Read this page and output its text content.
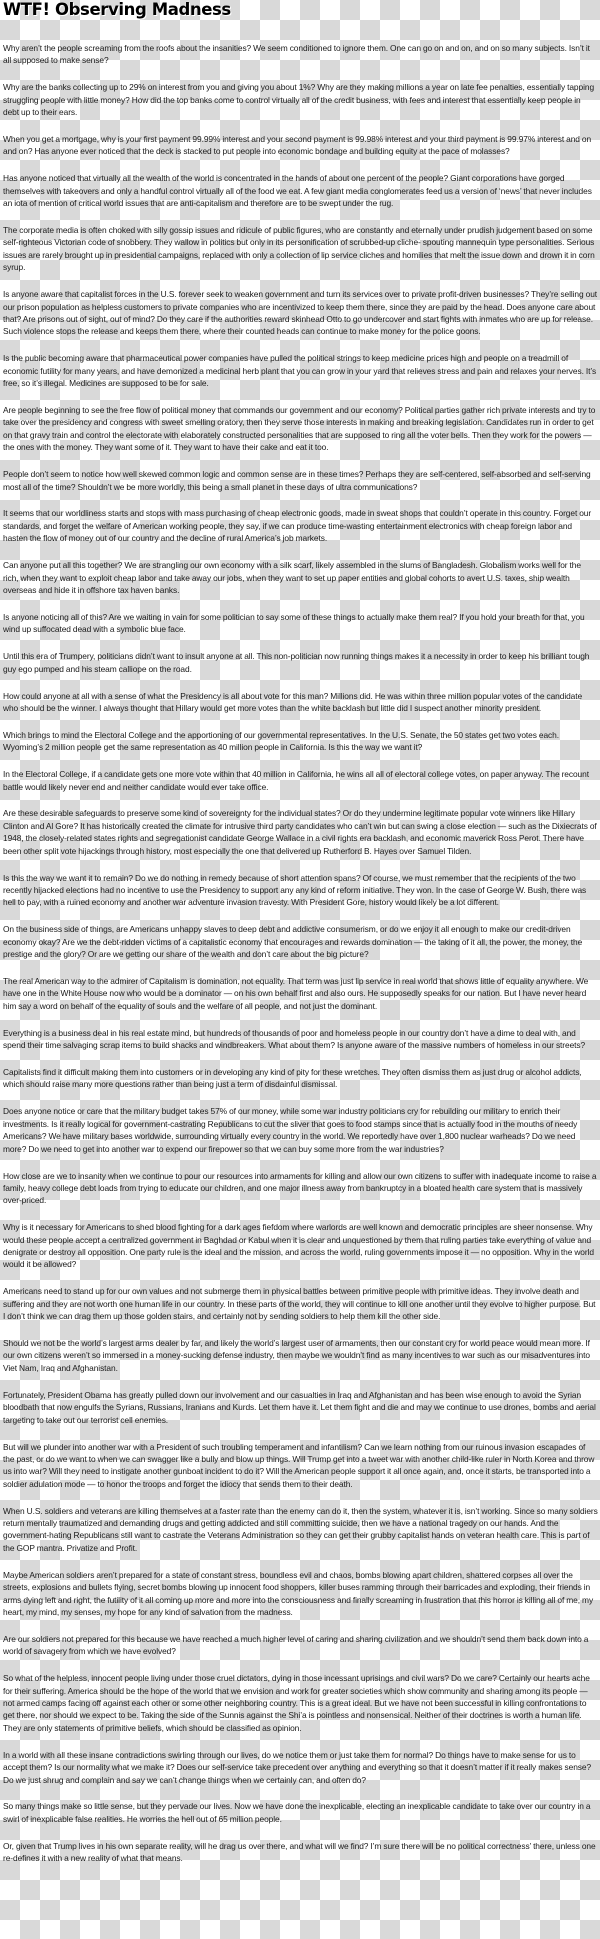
WTF! Observing Madness

Why aren’t the people screaming from the roofs about the insanities? We seem conditioned to ignore them. One can go on and on, and on so many subjects. Isn’t it all supposed to make sense?

Why are the banks collecting up to 29% on interest from you and giving you about 1%? Why are they making millions a year on late fee penalties, essentially tapping struggling people with little money? How did the top banks come to control virtually all of the credit business, with fees and interest that essentially keep people in debt up to their ears.

When you get a mortgage, why is your first payment 99.99% interest and your second payment is 99.98% interest and your third payment is 99.97% interest and on and on? Has anyone ever noticed that the deck is stacked to put people into economic bondage and building equity at the pace of molasses?

Has anyone noticed that virtually all the wealth of the world is concentrated in the hands of about one percent of the people? Giant corporations have gorged themselves with takeovers and only a handful control virtually all of the food we eat. A few giant media conglomerates feed us a version of ‘news’ that never includes an iota of mention of critical world issues that are anti-capitalism and therefore are to be swept under the rug.

The corporate media is often choked with silly gossip issues and ridicule of public figures, who are constantly and eternally under prudish judgement based on some self-righteous Victorian code of snobbery. They wallow in politics but only in its personification of scrubbed-up cliche- spouting mannequin type personalities. Serious issues are rarely brought up in presidential campaigns, replaced with only a collection of lip service cliches and homilies that melt the issue down and drown it in corn syrup.

Is anyone aware that capitalist forces in the U.S. forever seek to weaken government and turn its services over to private profit-driven businesses? They’re selling out our prison population as helpless customers to private companies who are incentivized to keep them there, since they are paid by the head. Does anyone care about that? Are prisons out of sight, out of mind? Do they care if the authorities reward skinhead Otto to go undercover and start fights with inmates who are up for release. Such violence stops the release and keeps them there, where their counted heads can continue to make money for the police goons.

Is the public becoming aware that pharmaceutical power companies have pulled the political strings to keep medicine prices high and people on a treadmill of economic futility for many years, and have demonized a medicinal herb plant that you can grow in your yard that relieves stress and pain and relaxes your nerves. It’s free, so it’s illegal. Medicines are supposed to be for sale.

Are people beginning to see the free flow of political money that commands our government and our economy? Political parties gather rich private interests and try to take over the presidency and congress with sweet smelling oratory, then they serve those interests in making and breaking legislation. Candidates run in order to get on that gravy train and control the electorate with elaborately constructed personalities that are supposed to ring all the voter bells. Then they work for the powers — the ones with the money. They want some of it. They want to have their cake and eat it too.

People don’t seem to notice how well skewed common logic and common sense are in these times? Perhaps they are self-centered, self-absorbed and self-serving most all of the time? Shouldn’t we be more worldly, this being a small planet in these days of ultra communications?

It seems that our worldliness starts and stops with mass purchasing of cheap electronic goods, made in sweat shops that couldn’t operate in this country. Forget our standards, and forget the welfare of American working people, they say, if we can produce time-wasting entertainment electronics with cheap foreign labor and hasten the flow of money out of our country and the decline of rural America’s job markets.

Can anyone put all this together? We are strangling our own economy with a silk scarf, likely assembled in the slums of Bangladesh. Globalism works well for the rich, when they want to exploit cheap labor and take away our jobs, when they want to set up paper entities and global cohorts to avert U.S. taxes, ship wealth overseas and hide it in offshore tax haven banks.

Is anyone noticing all of this? Are we waiting in vain for some politician to say some of these things to actually make them real? If you hold your breath for that, you wind up suffocated dead with a symbolic blue face.

Until this era of Trumpery, politicians didn’t want to insult anyone at all. This non-politician now running things makes it a necessity in order to keep his brilliant tough guy ego pumped and his steam calliope on the road.

How could anyone at all with a sense of what the Presidency is all about vote for this man? Millions did. He was within three million popular votes of the candidate who should be the winner. I always thought that Hillary would get more votes than the white backlash but little did I suspect another minority president.

Which brings to mind the Electoral College and the apportioning of our governmental representatives. In the U.S. Senate, the 50 states get two votes each. Wyoming’s 2 million people get the same representation as 40 million people in California. Is this the way we want it?

In the Electoral College, if a candidate gets one more vote within that 40 million in California, he wins all all of electoral college votes, on paper anyway. The recount battle would likely never end and neither candidate would ever take office.

Are these desirable safeguards to preserve some kind of sovereignty for the individual states? Or do they undermine legitimate popular vote winners like Hillary Clinton and Al Gore? It has historically created the climate for intrusive third party candidates who can’t win but can swing a close election — such as the Dixiecrats of 1948, the closely-related states rights and segregationist candidate George Wallace in a civil rights era backlash, and economic maverick Ross Perot. There have been other split vote hijackings through history, most especially the one that delivered up Rutherford B. Hayes over Samuel Tilden.

Is this the way we want it to remain? Do we do nothing in remedy because of short attention spans? Of course, we must remember that the recipients of the two recently hijacked elections had no incentive to use the Presidency to support any any kind of reform initiative. They won. In the case of George W. Bush, there was hell to pay, with a ruined economy and another war adventure invasion travesty. With President Gore, history would likely be a lot different.

On the business side of things, are Americans unhappy slaves to deep debt and addictive consumerism, or do we enjoy it all enough to make our credit-driven economy okay? Are we the debt-ridden victims of a capitalistic economy that encourages and rewards domination — the taking of it all, the power, the money, the prestige and the glory? Or are we getting our share of the wealth and don’t care about the big picture?

The real American way to the admirer of Capitalism is domination, not equality. That term was just lip service in real world that shows little of equality anywhere. We have one in the White House now who would be a dominator — on his own behalf first and also ours. He supposedly speaks for our nation. But I have never heard him say a word on behalf of the equality of souls and the welfare of all people, and not just the dominant.

Everything is a business deal in his real estate mind, but hundreds of thousands of poor and homeless people in our country don’t have a dime to deal with, and spend their time salvaging scrap items to build shacks and windbreakers. What about them? Is anyone aware of the massive numbers of homeless in our streets?

Capitalists find it difficult making them into customers or in developing any kind of pity for these wretches. They often dismiss them as just drug or alcohol addicts, which should raise many more questions rather than being just a term of disdainful dismissal.

Does anyone notice or care that the military budget takes 57% of our money, while some war industry politicians cry for rebuilding our military to enrich their investments. Is it really logical for government-castrating Republicans to cut the sliver that goes to food stamps since that is actually food in the mouths of needy Americans? We have military bases worldwide, surrounding virtually every country in the world. We reportedly have over 1,800 nuclear warheads? Do we need more? Do we need to get into another war to expend our firepower so that we can buy some more from the war industries?

How close are we to insanity when we continue to pour our resources into armaments for killing and allow our own citizens to suffer with inadequate income to raise a family, heavy college debt loads from trying to educate our children, and one major illness away from bankruptcy in a bloated health care system that is massively over-priced.

Why is it necessary for Americans to shed blood fighting for a dark ages fiefdom where warlords are well known and democratic principles are sheer nonsense. Why would these people accept a centralized government in Baghdad or Kabul when it is clear and unquestioned by them that ruling parties take everything of value and denigrate or destroy all opposition. One party rule is the ideal and the mission, and across the world, ruling governments impose it — no opposition. Why in the world would it be allowed?

Americans need to stand up for our own values and not submerge them in physical battles between primitive people with primitive ideas. They involve death and suffering and they are not worth one human life in our country. In these parts of the world, they will continue to kill one another until they evolve to higher purpose. But I don’t think we can drag them up those golden stairs, and certainly not by sending soldiers to help them kill the other side.

Should we not be the world’s largest arms dealer by far, and likely the world’s largest user of armaments, then our constant cry for world peace would mean more. If our own citizens weren’t so immersed in a money-sucking defense industry, then maybe we wouldn’t find as many incentives to war such as our misadventures into Viet Nam, Iraq and Afghanistan.

Fortunately, President Obama has greatly pulled down our involvement and our casualties in Iraq and Afghanistan and has been wise enough to avoid the Syrian bloodbath that now engulfs the Syrians, Russians, Iranians and Kurds. Let them have it. Let them fight and die and may we continue to use drones, bombs and aerial targeting to take out our terrorist cell enemies.

But will we plunder into another war with a President of such troubling temperament and infantilism? Can we learn nothing from our ruinous invasion escapades of the past, or do we want to when we can swagger like a bully and blow up things. Will Trump get into a tweet war with another child-like ruler in North Korea and throw us into war? Will they need to instigate another gunboat incident to do it? Will the American people support it all once again, and, once it starts, be transported into a soldier adulation mode — to honor the troops and forget the idiocy that sends them to their death.

When U.S. soldiers and veterans are killing themselves at a faster rate than the enemy can do it, then the system, whatever it is, isn’t working. Since so many soldiers return mentally traumatized and demanding drugs and getting addicted and still committing suicide, then we have a national tragedy on our hands. And the government-hating Republicans still want to castrate the Veterans Administration so they can get their grubby capitalist hands on veteran health care. This is part of the GOP mantra. Privatize and Profit.

Maybe American soldiers aren’t prepared for a state of constant stress, boundless evil and chaos, bombs blowing apart children, shattered corpses all over the streets, explosions and bullets flying, secret bombs blowing up innocent food shoppers, killer buses ramming through their barricades and exploding, their friends in arms dying left and right, the futility of it all coming up more and more into the consciousness and finally screaming in frustration that this horror is killing all of me, my heart, my mind, my senses, my hope for any kind of salvation from the madness.

Are our soldiers not prepared for this because we have reached a much higher level of caring and sharing civilization and we shouldn’t send them back down into a world of savagery from which we have evolved?

So what of the helpless, innocent people living under those cruel dictators, dying in those incessant uprisings and civil wars? Do we care? Certainly our hearts ache for their suffering. America should be the hope of the world that we envision and work for greater societies which show community and sharing among its people — not armed camps facing off against each other or some other neighboring country. This is a great ideal. But we have not been successful in killing confrontations to get there, nor should we expect to be. Taking the side of the Sunnis against the Shi’a is pointless and nonsensical. Neither of their doctrines is worth a human life. They are only statements of primitive beliefs, which should be classified as opinion.

In a world with all these insane contradictions swirling through our lives, do we notice them or just take them for normal? Do things have to make sense for us to accept them? Is our normality what we make it? Does our self-service take precedent over anything and everything so that it doesn’t matter if it really makes sense? Do we just shrug and complain and say we can’t change things when we certainly can, and often do?

So many things make so little sense, but they pervade our lives. Now we have done the inexplicable, electing an inexplicable candidate to take over our country in a swirl of inexplicable false realities. He worries the hell out of 65 million people.

Or, given that Trump lives in his own separate reality, will he drag us over there, and what will we find? I’m sure there will be no political correctness’ there, unless one re-defines it with a new reality of what that means.
